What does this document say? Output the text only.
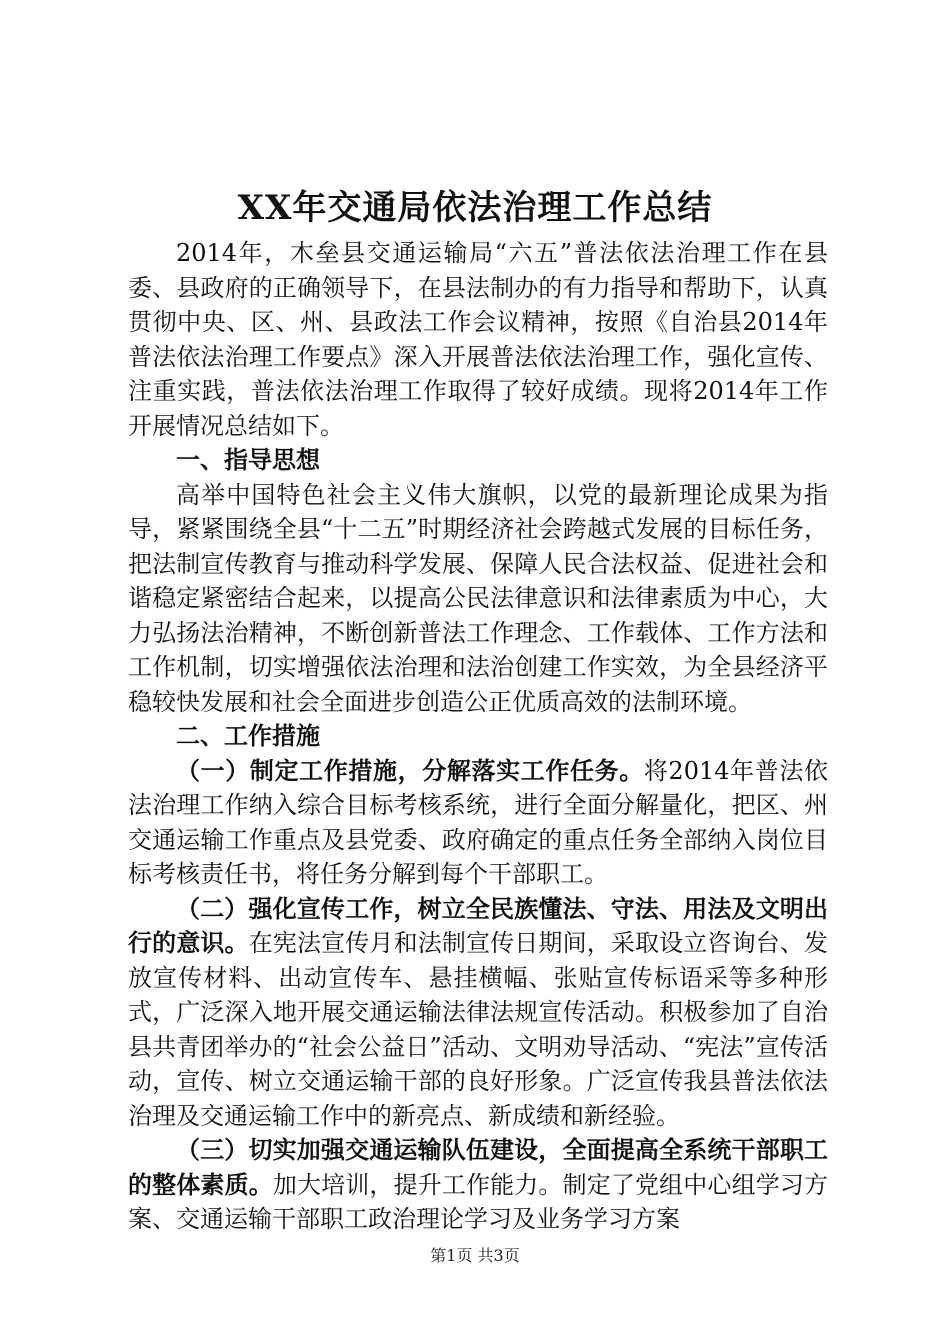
XX年交通局依法治理工作总结

2014年，木垒县交通运输局“六五”普法依法治理工作在县委、县政府的正确领导下，在县法制办的有力指导和帮助下，认真贯彻中央、区、州、县政法工作会议精神，按照《自治县2014年普法依法治理工作要点》深入开展普法依法治理工作，强化宣传、注重实践，普法依法治理工作取得了较好成绩。现将2014年工作开展情况总结如下。

一、指导思想

高举中国特色社会主义伟大旗帜，以党的最新理论成果为指导，紧紧围绕全县“十二五”时期经济社会跨越式发展的目标任务，把法制宣传教育与推动科学发展、保障人民合法权益、促进社会和谐稳定紧密结合起来，以提高公民法律意识和法律素质为中心，大力弘扬法治精神，不断创新普法工作理念、工作载体、工作方法和工作机制，切实增强依法治理和法治创建工作实效，为全县经济平稳较快发展和社会全面进步创造公正优质高效的法制环境。

二、工作措施

（一）制定工作措施，分解落实工作任务。将2014年普法依法治理工作纳入综合目标考核系统，进行全面分解量化，把区、州交通运输工作重点及县党委、政府确定的重点任务全部纳入岗位目标考核责任书，将任务分解到每个干部职工。

（二）强化宣传工作，树立全民族懂法、守法、用法及文明出行的意识。在宪法宣传月和法制宣传日期间，采取设立咨询台、发放宣传材料、出动宣传车、悬挂横幅、张贴宣传标语采等多种形式，广泛深入地开展交通运输法律法规宣传活动。积极参加了自治县共青团举办的“社会公益日”活动、文明劝导活动、“宪法”宣传活动，宣传、树立交通运输干部的良好形象。广泛宣传我县普法依法治理及交通运输工作中的新亮点、新成绩和新经验。

（三）切实加强交通运输队伍建设，全面提高全系统干部职工的整体素质。加大培训，提升工作能力。制定了党组中心组学习方案、交通运输干部职工政治理论学习及业务学习方案

第1页 共3页
